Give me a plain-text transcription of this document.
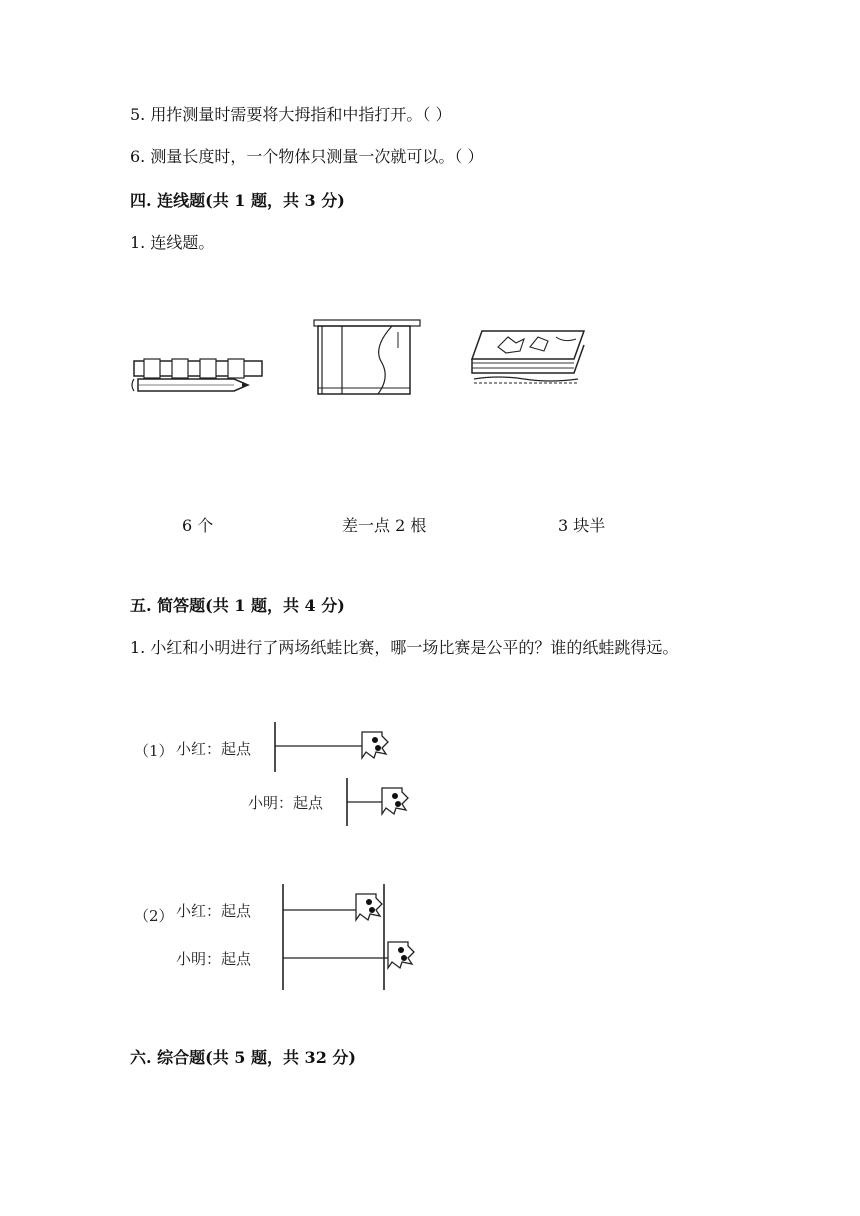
5. 用拃测量时需要将大拇指和中指打开。（ ）
6. 测量长度时，一个物体只测量一次就可以。（ ）
四. 连线题(共 1 题，共 3 分)
1. 连线题。
6 个	差一点 2 根	3 块半
五. 简答题(共 1 题，共 4 分)
1. 小红和小明进行了两场纸蛙比赛，哪一场比赛是公平的？谁的纸蛙跳得远。
（1） 小红：起点
小明：起点
（2） 小红：起点
小明：起点
六. 综合题(共 5 题，共 32 分)
